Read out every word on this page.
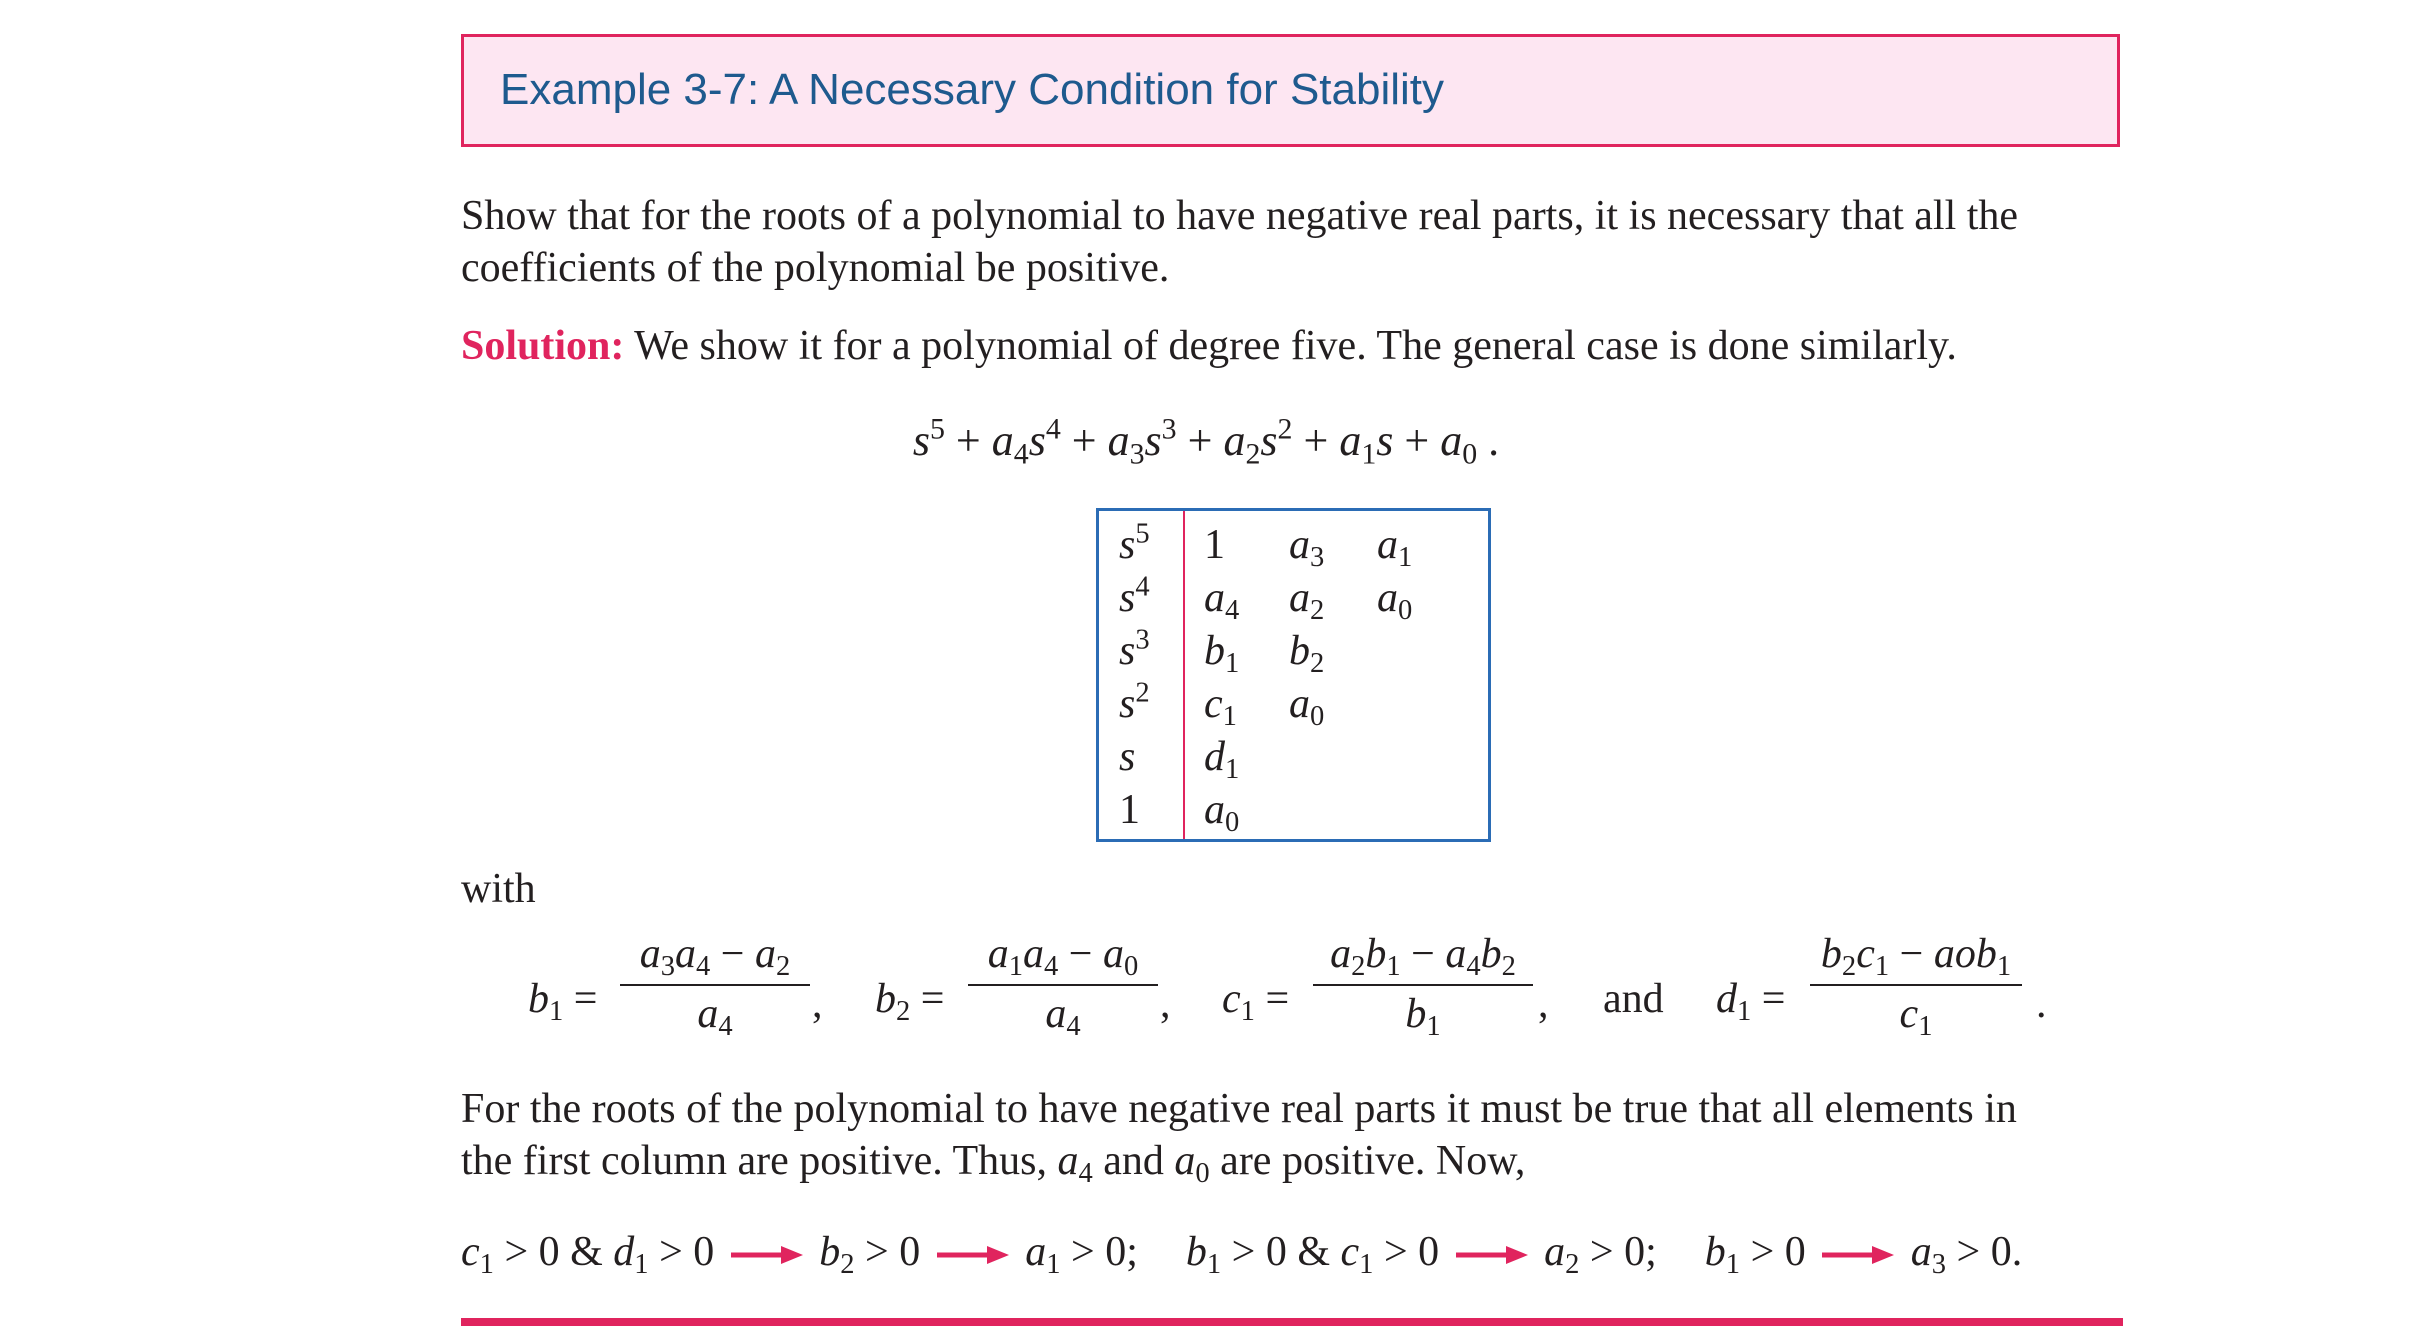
Example 3-7: A Necessary Condition for Stability
Show that for the roots of a polynomial to have negative real parts, it is necessary that all the
coefficients of the polynomial be positive.
Solution: We show it for a polynomial of degree five. The general case is done similarly.
$s^5 + a_4s^4 + a_3s^3 + a_2s^2 + a_1s + a_0$ .
$s^5$ 1 $a_3$ $a_1$
$s^4$ $a_4$ $a_2$ $a_0$
$s^3$ $b_1$ $b_2$
$s^2$ $c_1$ $a_0$
s $d_1$
1 $a_0$
with
$b_1$ =
$a_3a_4 - a_2$
$a_4$	, $b_2$ =
$a_1a_4 - a_0$
$a_4$	, $c_1$ =
$a_2b_1 - a_4b_2$
$b_1$	, and $d_1$ =
$b_2c_1 - aob_1$
$c_1$	.
For the roots of the polynomial to have negative real parts it must be true that all elements in
the first column are positive. Thus, $a_4$ and $a_0$ are positive. Now,
$c_1 > 0$ & $d_1 > 0$	$b_2 > 0$	$a_1 > 0$; $b_1 > 0$ & $c_1 > 0$	$a_2 > 0$; $b_1 > 0$	$a_3 > 0$.
